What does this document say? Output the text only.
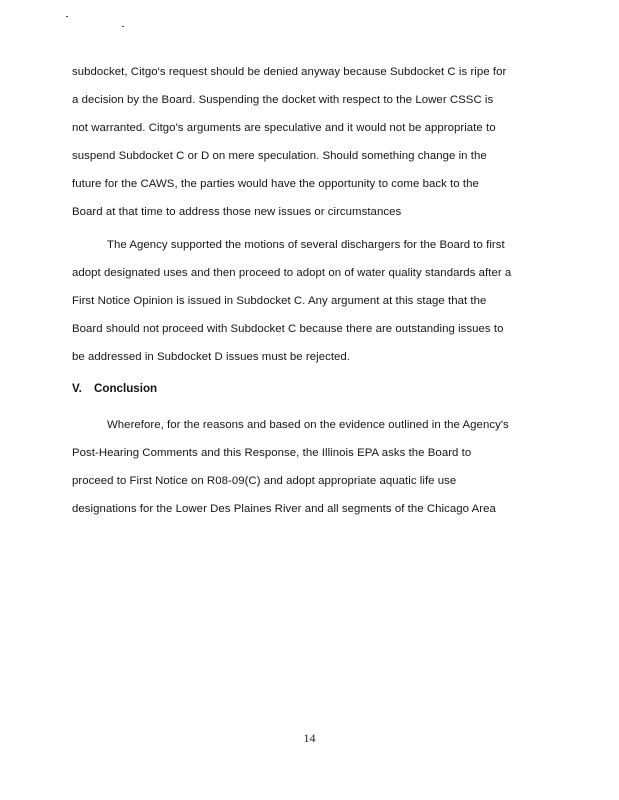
subdocket, Citgo's request should be denied anyway because Subdocket C is ripe for
a decision by the Board. Suspending the docket with respect to the Lower CSSC is
not warranted. Citgo's arguments are speculative and it would not be appropriate to
suspend Subdocket C or D on mere speculation. Should something change in the
future for the CAWS, the parties would have the opportunity to come back to the
Board at that time to address those new issues or circumstances
The Agency supported the motions of several dischargers for the Board to first
adopt designated uses and then proceed to adopt on of water quality standards after a
First Notice Opinion is issued in Subdocket C. Any argument at this stage that the
Board should not proceed with Subdocket C because there are outstanding issues to
be addressed in Subdocket D issues must be rejected.
V. Conclusion
Wherefore, for the reasons and based on the evidence outlined in the Agency's
Post-Hearing Comments and this Response, the Illinois EPA asks the Board to
proceed to First Notice on R08-09(C) and adopt appropriate aquatic life use
designations for the Lower Des Plaines River and all segments of the Chicago Area
14
